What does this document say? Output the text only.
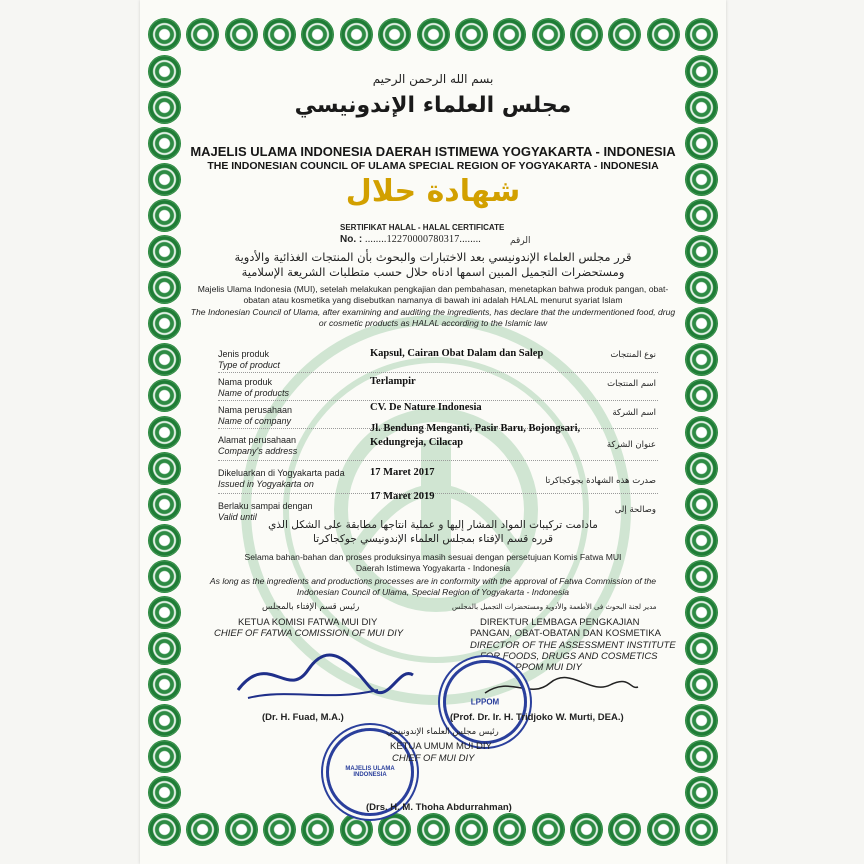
بسم الله الرحمن الرحيم
مجلس العلماء الإندونيسي
MAJELIS ULAMA INDONESIA DAERAH ISTIMEWA YOGYAKARTA - INDONESIA
THE INDONESIAN COUNCIL OF ULAMA SPECIAL REGION OF YOGYAKARTA - INDONESIA
شهادة حلال
SERTIFIKAT HALAL - HALAL CERTIFICATE
No. : ........12270000780317........	الرقم
قرر مجلس العلماء الإندونيسي بعد الاختبارات والبحوث بأن المنتجات الغذائية والأدوية
ومستحضرات التجميل المبين اسمها ادناه حلال حسب متطلبات الشريعة الإسلامية
Majelis Ulama Indonesia (MUI), setelah melakukan pengkajian dan pembahasan, menetapkan bahwa produk pangan, obat-obatan atau kosmetika yang disebutkan namanya di bawah ini adalah HALAL menurut syariat Islam
The Indonesian Council of Ulama, after examining and auditing the ingredients, has declare that the undermentioned food, drug or cosmetic products as HALAL according to the Islamic law
Jenis produk
Type of product
Kapsul, Cairan Obat Dalam dan Salep	نوع المنتجات
Nama produk
Name of products
Terlampir	اسم المنتجات
Nama perusahaan
Name of company
CV. De Nature Indonesia	اسم الشركة
Alamat perusahaan
Company's address
Jl. Bendung Menganti, Pasir Baru, Bojongsari,
Kedungreja, Cilacap	عنوان الشركة
Dikeluarkan di Yogyakarta pada
Issued in Yogyakarta on
17 Maret 2017
صدرت هذه الشهادة بجوكجاكرتا
Berlaku sampai dengan
Valid until
17 Maret 2019
وصالحة إلى
مادامت تركيبات المواد المشار إليها و عملية انتاجها مطابقة على الشكل الذي
قرره قسم الإفتاء بمجلس العلماء الإندونيسي جوكجاكرتا
Selama bahan-bahan dan proses produksinya masih sesuai dengan persetujuan Komis Fatwa MUI
Daerah Istimewa Yogyakarta - Indonesia
As long as the ingredients and productions processes are in conformity with the approval of Fatwa Commission of the
Indonesian Council of Ulama, Special Region of Yogyakarta - Indonesia
رئيس قسم الإفتاء بالمجلس
KETUA KOMISI FATWA MUI DIY
CHIEF OF FATWA COMISSION OF MUI DIY
مدير لجنة البحوث فى الأطعمة والأدوية ومستحضرات التجميل بالمجلس
DIREKTUR LEMBAGA PENGKAJIAN
PANGAN, OBAT-OBATAN DAN KOSMETIKA
DIRECTOR OF THE ASSESSMENT INSTITUTE
FOR FOODS, DRUGS AND COSMETICS
LPPOM MUI DIY
LPPOM
MAJELIS ULAMA INDONESIA
(Dr. H. Fuad, M.A.)	(Prof. Dr. Ir. H. Tridjoko W. Murti, DEA.)
رئيس مجلس العلماء الإندونيسي
KETUA UMUM MUI DIY
CHIEF OF MUI DIY
(Drs. H. M. Thoha Abdurrahman)
